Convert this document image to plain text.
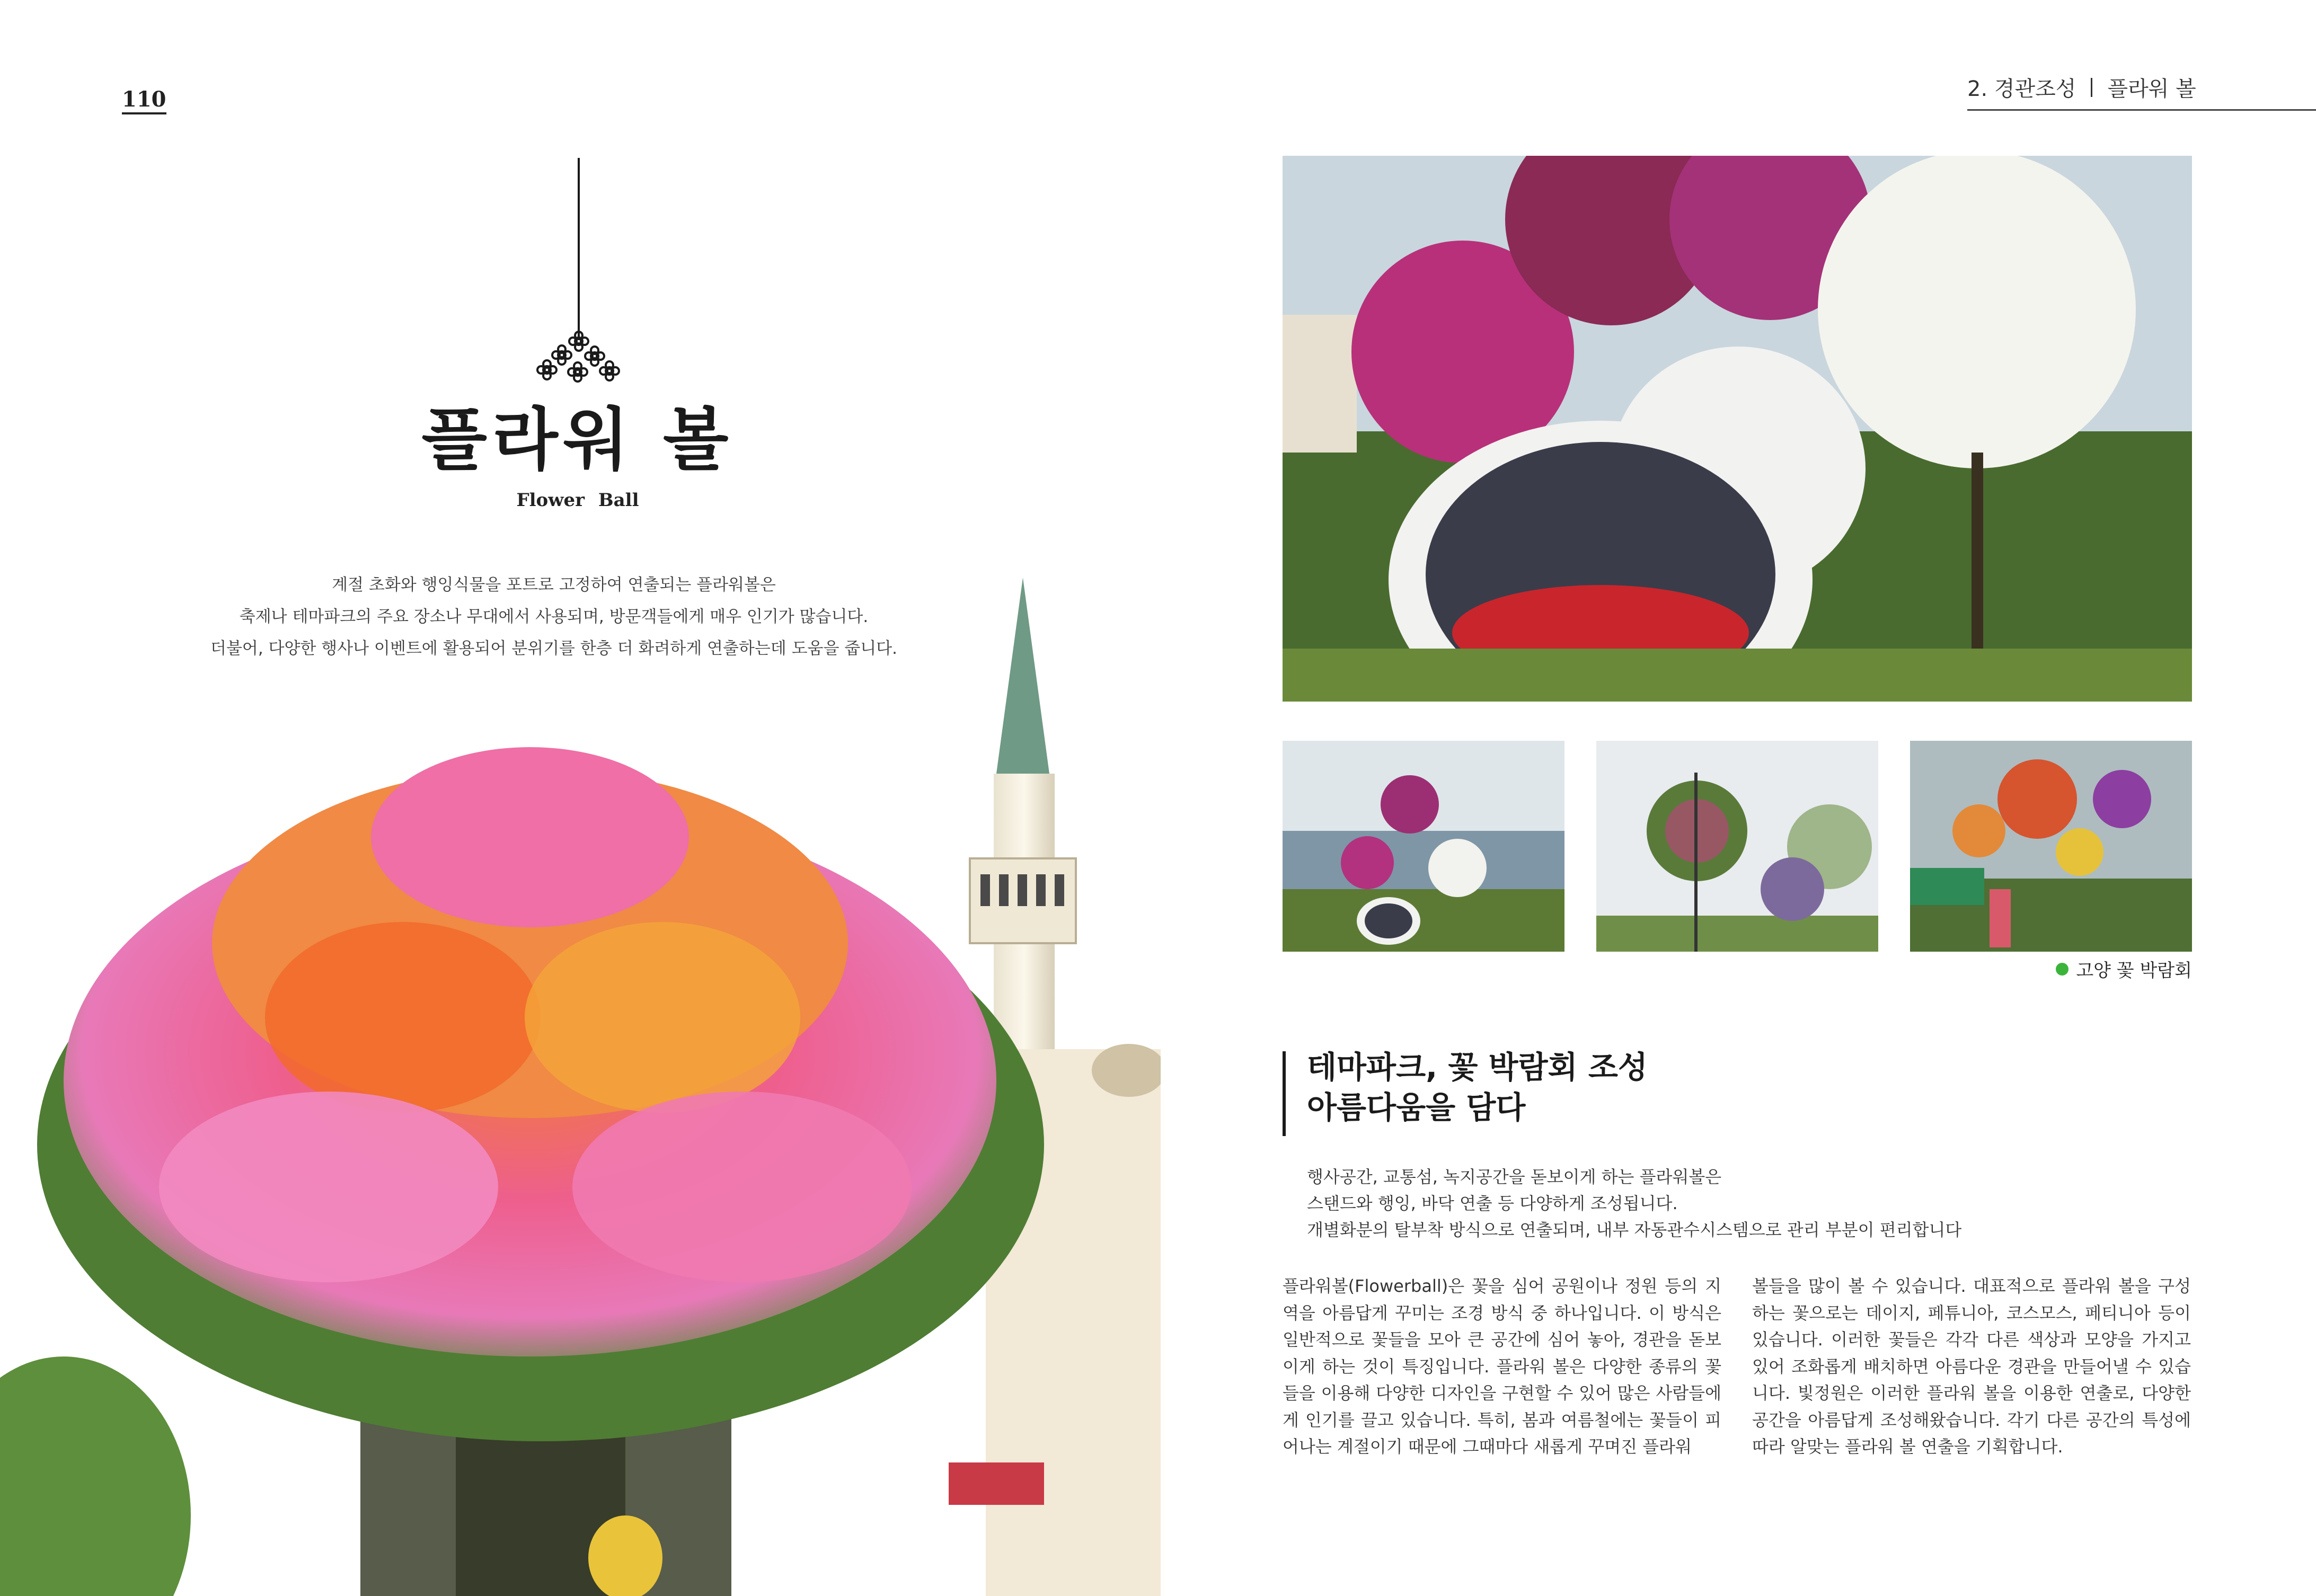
110	2. 경관조성 플라워 볼
플라워 볼
Flower Ball
계절 초화와 행잉식물을 포트로 고정하여 연출되는 플라워볼은
축제나 테마파크의 주요 장소나 무대에서 사용되며, 방문객들에게 매우 인기가 많습니다.
더불어, 다양한 행사나 이벤트에 활용되어 분위기를 한층 더 화려하게 연출하는데 도움을 줍니다.
고양 꽃 박람회
테마파크, 꽃 박람회 조성
아름다움을 담다
행사공간, 교통섬, 녹지공간을 돋보이게 하는 플라워볼은
스탠드와 행잉, 바닥 연출 등 다양하게 조성됩니다.
개별화분의 탈부착 방식으로 연출되며, 내부 자동관수시스템으로 관리 부분이 편리합니다
플라워볼(Flowerball)은 꽃을 심어 공원이나 정원 등의 지역을 아름답게 꾸미는 조경 방식 중 하나입니다. 이 방식은 일반적으로 꽃들을 모아 큰 공간에 심어 놓아, 경관을 돋보이게 하는 것이 특징입니다. 플라워 볼은 다양한 종류의 꽃들을 이용해 다양한 디자인을 구현할 수 있어 많은 사람들에게 인기를 끌고 있습니다. 특히, 봄과 여름철에는 꽃들이 피어나는 계절이기 때문에 그때마다 새롭게 꾸며진 플라워
볼들을 많이 볼 수 있습니다. 대표적으로 플라워 볼을 구성하는 꽃으로는 데이지, 페튜니아, 코스모스, 페티니아 등이 있습니다. 이러한 꽃들은 각각 다른 색상과 모양을 가지고 있어 조화롭게 배치하면 아름다운 경관을 만들어낼 수 있습니다. 빛정원은 이러한 플라워 볼을 이용한 연출로, 다양한 공간을 아름답게 조성해왔습니다. 각기 다른 공간의 특성에 따라 알맞는 플라워 볼 연출을 기획합니다.
